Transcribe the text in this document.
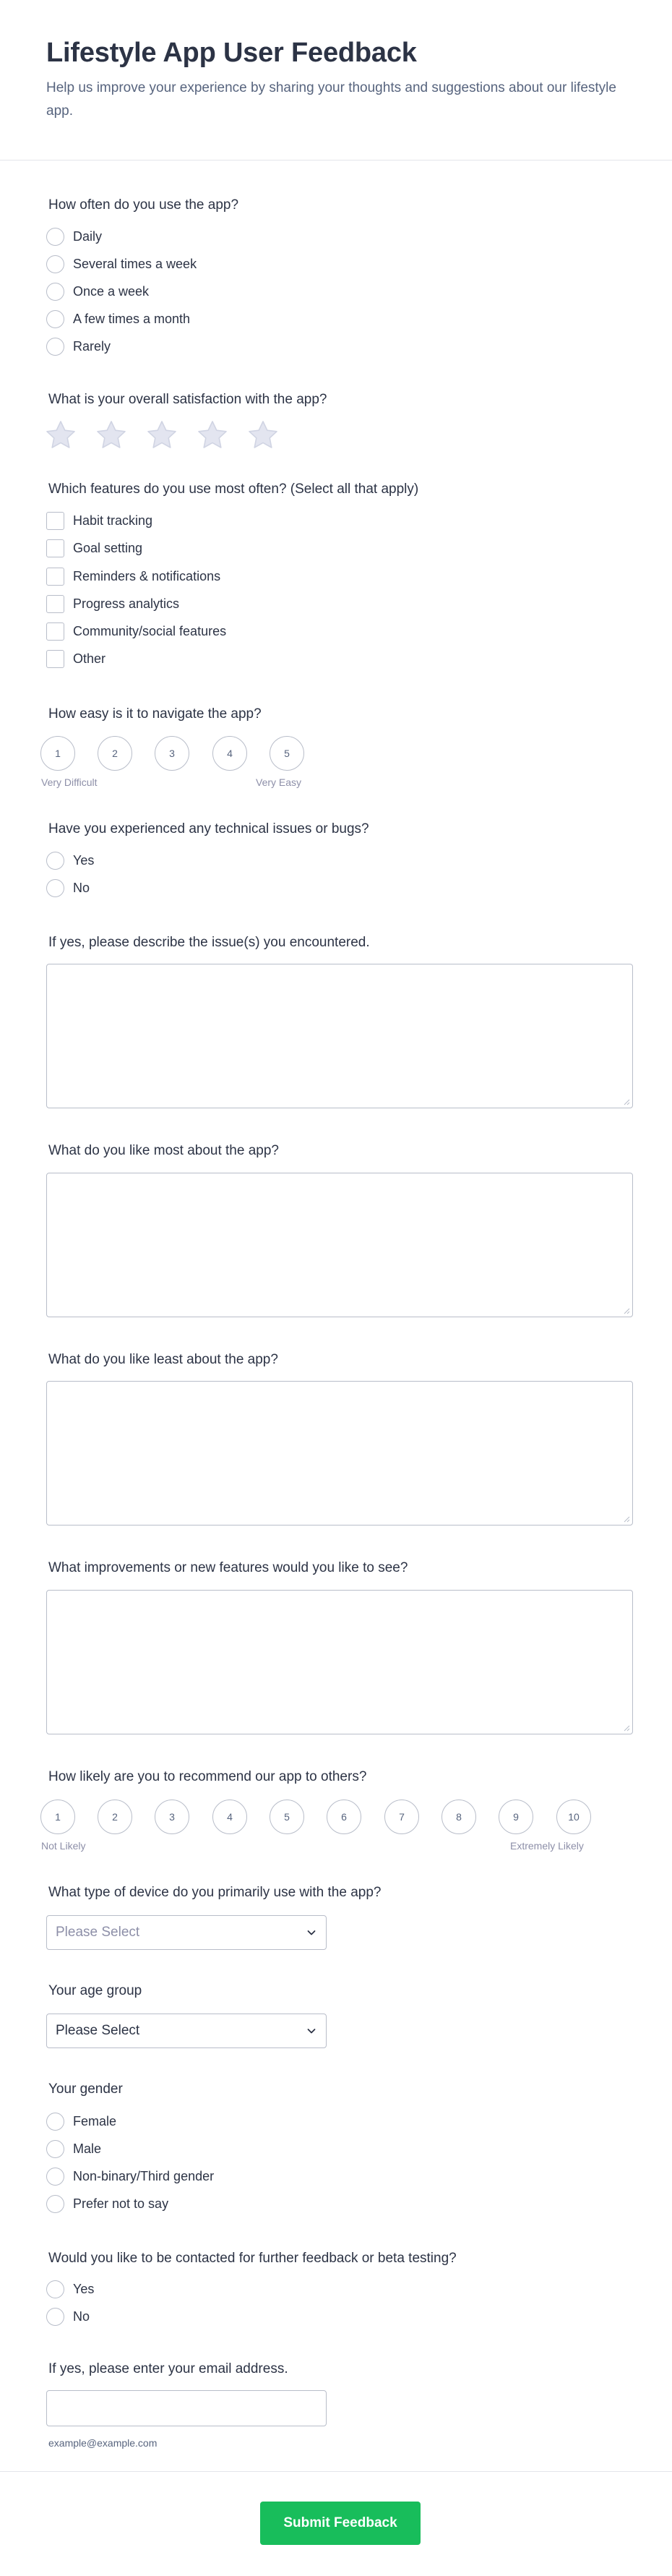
Lifestyle App User Feedback
Help us improve your experience by sharing your thoughts and suggestions about our lifestyle app.
How often do you use the app?
Daily
Several times a week
Once a week
A few times a month
Rarely
What is your overall satisfaction with the app?
Which features do you use most often? (Select all that apply)
Habit tracking
Goal setting
Reminders & notifications
Progress analytics
Community/social features
Other
How easy is it to navigate the app?
1	2	3	4	5
Very Difficult	Very Easy
Have you experienced any technical issues or bugs?
Yes
No
If yes, please describe the issue(s) you encountered.
What do you like most about the app?
What do you like least about the app?
What improvements or new features would you like to see?
How likely are you to recommend our app to others?
1	2	3	4	5	6	7	8	9	10
Not Likely	Extremely Likely
What type of device do you primarily use with the app?
Please Select
Your age group
Please Select
Your gender
Female
Male
Non-binary/Third gender
Prefer not to say
Would you like to be contacted for further feedback or beta testing?
Yes
No
If yes, please enter your email address.
example@example.com
Submit Feedback
